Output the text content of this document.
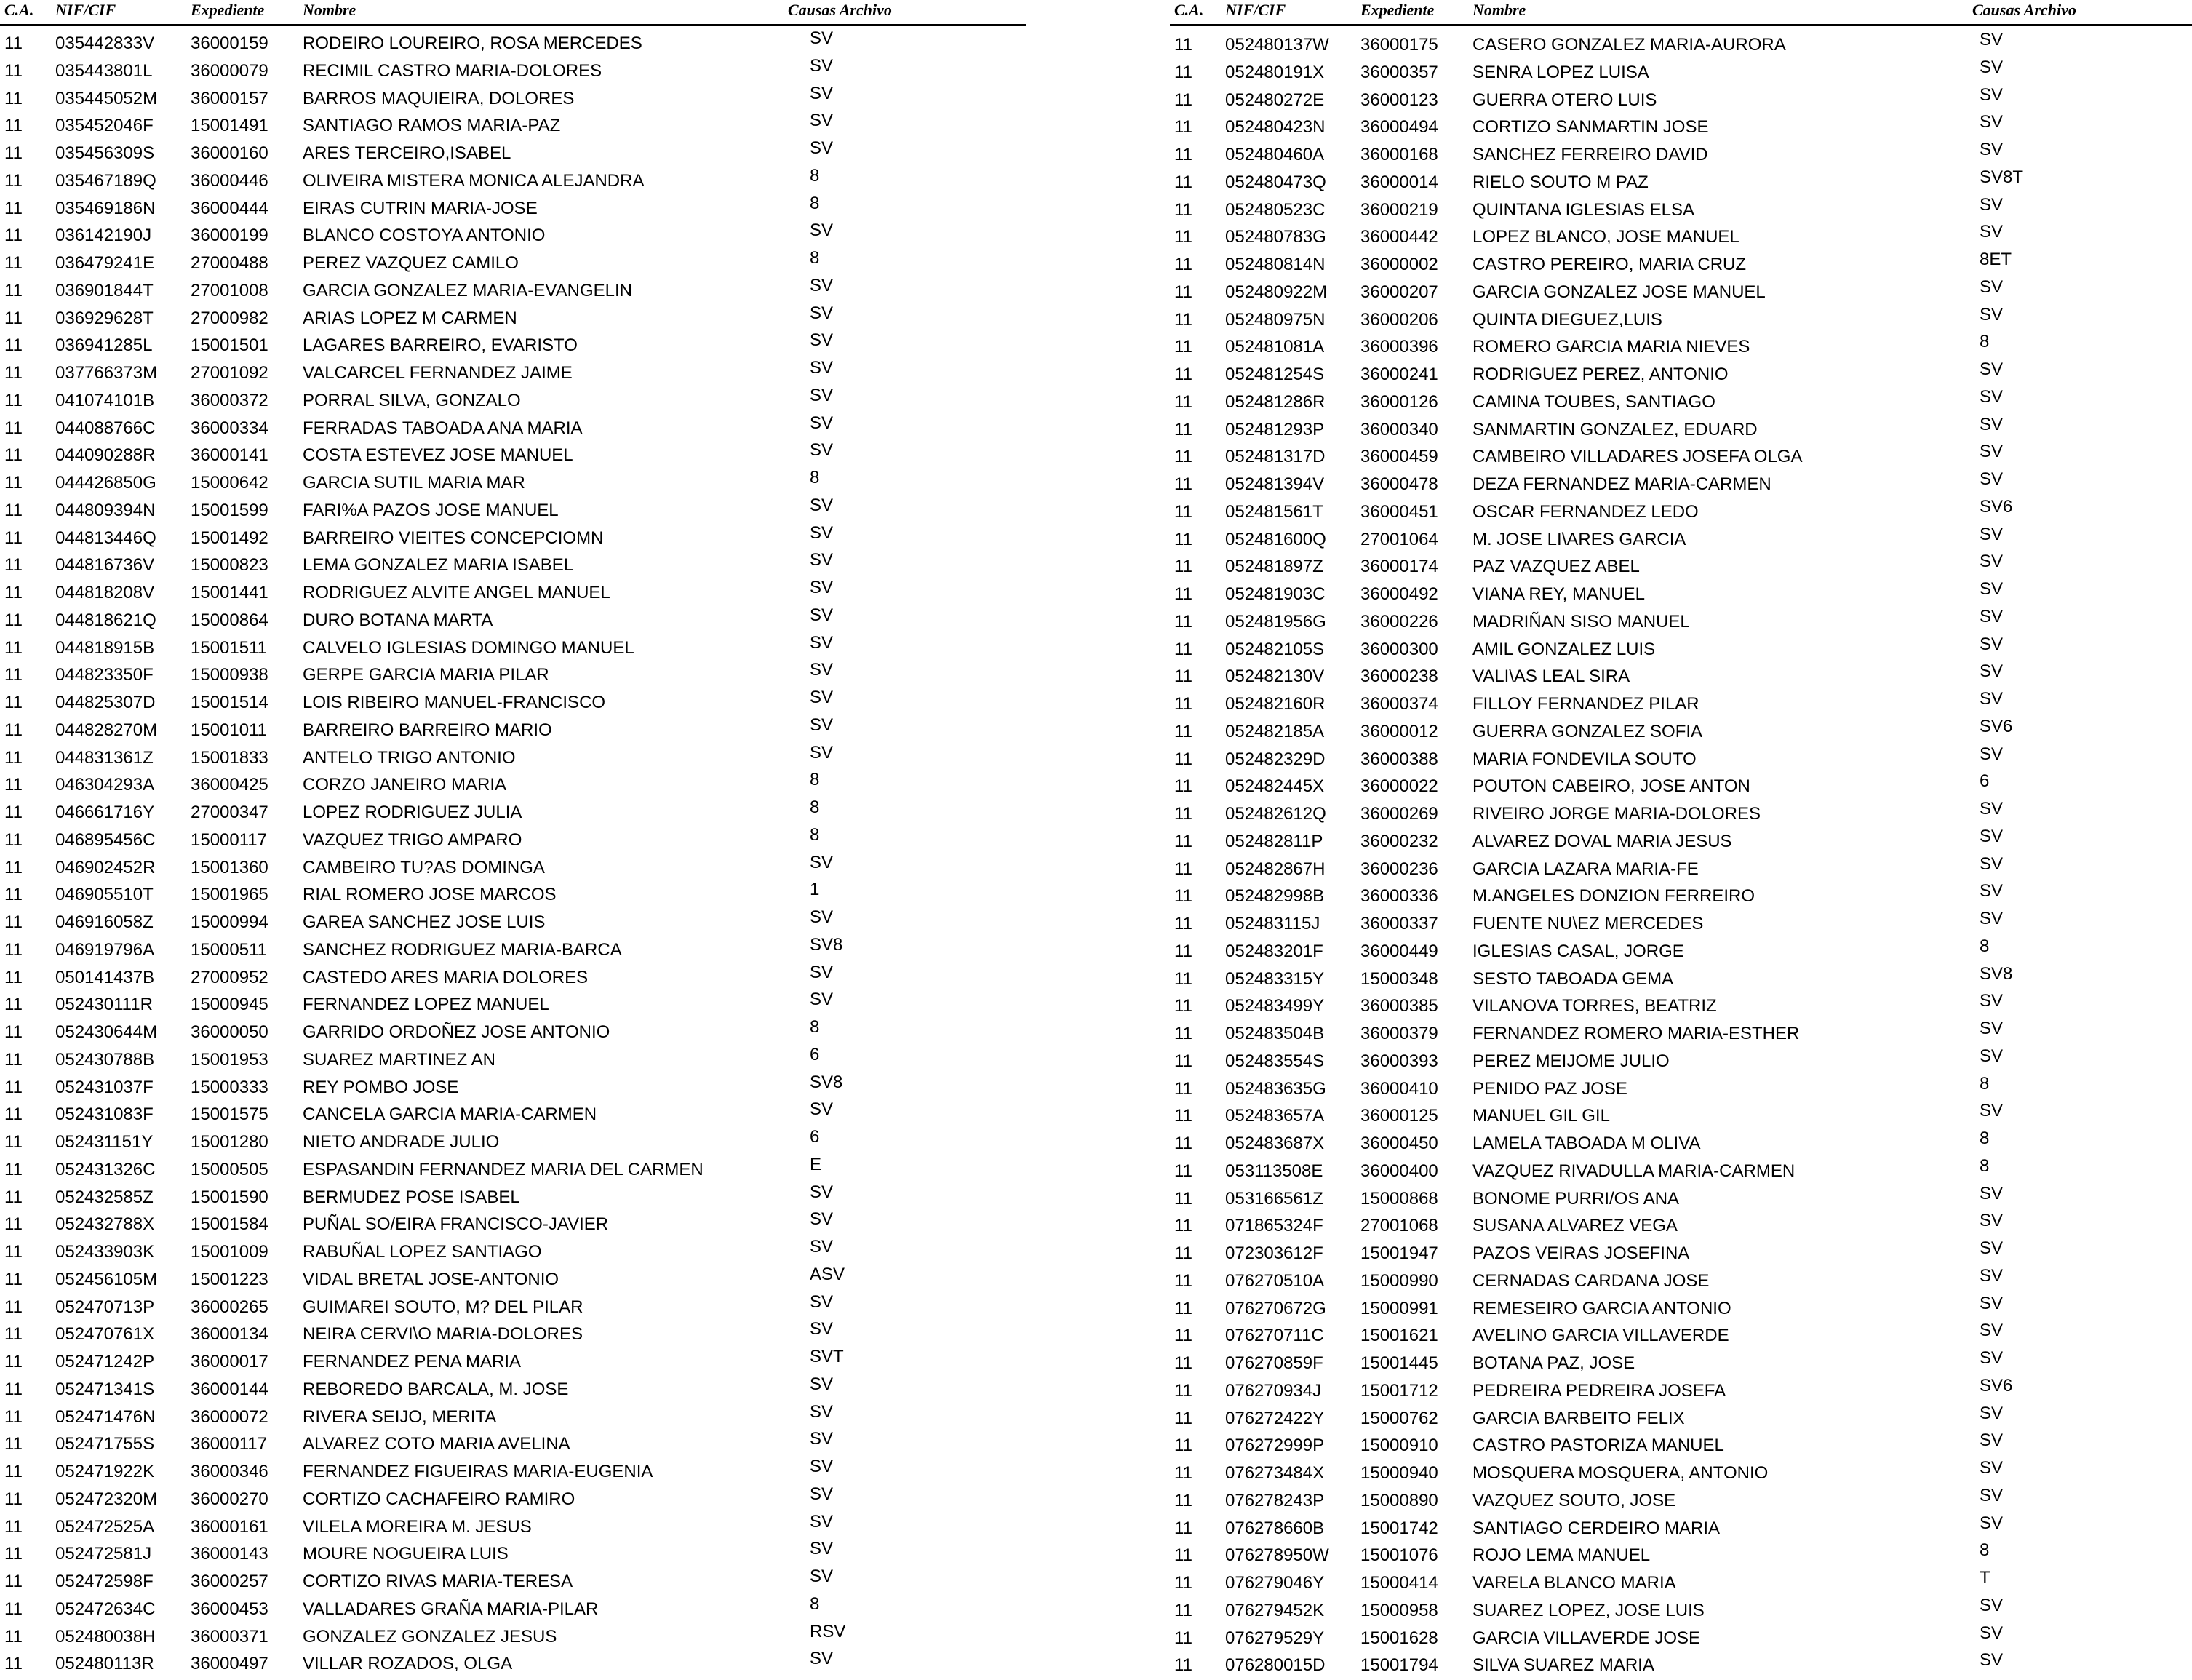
C.A. NIF/CIF	Expediente Nombre	Causas Archivo
11 035442833V 36000159 RODEIRO LOUREIRO, ROSA MERCEDES	SV
11 035443801L 36000079 RECIMIL CASTRO MARIA-DOLORES	SV
11 035445052M 36000157 BARROS MAQUIEIRA, DOLORES	SV
11 035452046F 15001491 SANTIAGO RAMOS MARIA-PAZ	SV
11 035456309S 36000160 ARES TERCEIRO,ISABEL	SV
11 035467189Q 36000446 OLIVEIRA MISTERA MONICA ALEJANDRA	8
11 035469186N 36000444 EIRAS CUTRIN MARIA-JOSE	8
11 036142190J 36000199 BLANCO COSTOYA ANTONIO	SV
11 036479241E 27000488 PEREZ VAZQUEZ CAMILO	8
11 036901844T 27001008 GARCIA GONZALEZ MARIA-EVANGELIN	SV
11 036929628T 27000982 ARIAS LOPEZ M CARMEN	SV
11 036941285L 15001501 LAGARES BARREIRO, EVARISTO	SV
11 037766373M 27001092 VALCARCEL FERNANDEZ JAIME	SV
11 041074101B 36000372 PORRAL SILVA, GONZALO	SV
11 044088766C 36000334 FERRADAS TABOADA ANA MARIA	SV
11 044090288R 36000141 COSTA ESTEVEZ JOSE MANUEL	SV
11 044426850G 15000642 GARCIA SUTIL MARIA MAR	8
11 044809394N 15001599 FARI%A PAZOS JOSE MANUEL	SV
11 044813446Q 15001492 BARREIRO VIEITES CONCEPCIOMN	SV
11 044816736V 15000823 LEMA GONZALEZ MARIA ISABEL	SV
11 044818208V 15001441 RODRIGUEZ ALVITE ANGEL MANUEL	SV
11 044818621Q 15000864 DURO BOTANA MARTA	SV
11 044818915B 15001511 CALVELO IGLESIAS DOMINGO MANUEL	SV
11 044823350F 15000938 GERPE GARCIA MARIA PILAR	SV
11 044825307D 15001514 LOIS RIBEIRO MANUEL-FRANCISCO	SV
11 044828270M 15001011 BARREIRO BARREIRO MARIO	SV
11 044831361Z 15001833 ANTELO TRIGO ANTONIO	SV
11 046304293A 36000425 CORZO JANEIRO MARIA	8
11 046661716Y 27000347 LOPEZ RODRIGUEZ JULIA	8
11 046895456C 15000117 VAZQUEZ TRIGO AMPARO	8
11 046902452R 15001360 CAMBEIRO TU?AS DOMINGA	SV
11 046905510T 15001965 RIAL ROMERO JOSE MARCOS	1
11 046916058Z 15000994 GAREA SANCHEZ JOSE LUIS	SV
11 046919796A 15000511 SANCHEZ RODRIGUEZ MARIA-BARCA	SV8
11 050141437B 27000952 CASTEDO ARES MARIA DOLORES	SV
11 052430111R 15000945 FERNANDEZ LOPEZ MANUEL	SV
11 052430644M 36000050 GARRIDO ORDOÑEZ JOSE ANTONIO	8
11 052430788B 15001953 SUAREZ MARTINEZ AN	6
11 052431037F 15000333 REY POMBO JOSE	SV8
11 052431083F 15001575 CANCELA GARCIA MARIA-CARMEN	SV
11 052431151Y 15001280 NIETO ANDRADE JULIO	6
11 052431326C 15000505 ESPASANDIN FERNANDEZ MARIA DEL CARMEN	E
11 052432585Z 15001590 BERMUDEZ POSE ISABEL	SV
11 052432788X 15001584 PUÑAL SO/EIRA FRANCISCO-JAVIER	SV
11 052433903K 15001009 RABUÑAL LOPEZ SANTIAGO	SV
11 052456105M 15001223 VIDAL BRETAL JOSE-ANTONIO	ASV
11 052470713P 36000265 GUIMAREI SOUTO, M? DEL PILAR	SV
11 052470761X 36000134 NEIRA CERVI\O MARIA-DOLORES	SV
11 052471242P 36000017 FERNANDEZ PENA MARIA	SVT
11 052471341S 36000144 REBOREDO BARCALA, M. JOSE	SV
11 052471476N 36000072 RIVERA SEIJO, MERITA	SV
11 052471755S 36000117 ALVAREZ COTO MARIA AVELINA	SV
11 052471922K 36000346 FERNANDEZ FIGUEIRAS MARIA-EUGENIA	SV
11 052472320M 36000270 CORTIZO CACHAFEIRO RAMIRO	SV
11 052472525A 36000161 VILELA MOREIRA M. JESUS	SV
11 052472581J 36000143 MOURE NOGUEIRA LUIS	SV
11 052472598F 36000257 CORTIZO RIVAS MARIA-TERESA	SV
11 052472634C 36000453 VALLADARES GRAÑA MARIA-PILAR	8
11 052480038H 36000371 GONZALEZ GONZALEZ JESUS	RSV
11 052480113R 36000497 VILLAR ROZADOS, OLGA	SV
C.A. NIF/CIF	Expediente Nombre	Causas Archivo
11 052480137W 36000175 CASERO GONZALEZ MARIA-AURORA	SV
11 052480191X 36000357 SENRA LOPEZ LUISA	SV
11 052480272E 36000123 GUERRA OTERO LUIS	SV
11 052480423N 36000494 CORTIZO SANMARTIN JOSE	SV
11 052480460A 36000168 SANCHEZ FERREIRO DAVID	SV
11 052480473Q 36000014 RIELO SOUTO M PAZ	SV8T
11 052480523C 36000219 QUINTANA IGLESIAS ELSA	SV
11 052480783G 36000442 LOPEZ BLANCO, JOSE MANUEL	SV
11 052480814N 36000002 CASTRO PEREIRO, MARIA CRUZ	8ET
11 052480922M 36000207 GARCIA GONZALEZ JOSE MANUEL	SV
11 052480975N 36000206 QUINTA DIEGUEZ,LUIS	SV
11 052481081A 36000396 ROMERO GARCIA MARIA NIEVES	8
11 052481254S 36000241 RODRIGUEZ PEREZ, ANTONIO	SV
11 052481286R 36000126 CAMINA TOUBES, SANTIAGO	SV
11 052481293P 36000340 SANMARTIN GONZALEZ, EDUARD	SV
11 052481317D 36000459 CAMBEIRO VILLADARES JOSEFA OLGA	SV
11 052481394V 36000478 DEZA FERNANDEZ MARIA-CARMEN	SV
11 052481561T 36000451 OSCAR FERNANDEZ LEDO	SV6
11 052481600Q 27001064 M. JOSE LI\ARES GARCIA	SV
11 052481897Z 36000174 PAZ VAZQUEZ ABEL	SV
11 052481903C 36000492 VIANA REY, MANUEL	SV
11 052481956G 36000226 MADRIÑAN SISO MANUEL	SV
11 052482105S 36000300 AMIL GONZALEZ LUIS	SV
11 052482130V 36000238 VALI\AS LEAL SIRA	SV
11 052482160R 36000374 FILLOY FERNANDEZ PILAR	SV
11 052482185A 36000012 GUERRA GONZALEZ SOFIA	SV6
11 052482329D 36000388 MARIA FONDEVILA SOUTO	SV
11 052482445X 36000022 POUTON CABEIRO, JOSE ANTON	6
11 052482612Q 36000269 RIVEIRO JORGE MARIA-DOLORES	SV
11 052482811P 36000232 ALVAREZ DOVAL MARIA JESUS	SV
11 052482867H 36000236 GARCIA LAZARA MARIA-FE	SV
11 052482998B 36000336 M.ANGELES DONZION FERREIRO	SV
11 052483115J 36000337 FUENTE NU\EZ MERCEDES	SV
11 052483201F 36000449 IGLESIAS CASAL, JORGE	8
11 052483315Y 15000348 SESTO TABOADA GEMA	SV8
11 052483499Y 36000385 VILANOVA TORRES, BEATRIZ	SV
11 052483504B 36000379 FERNANDEZ ROMERO MARIA-ESTHER	SV
11 052483554S 36000393 PEREZ MEIJOME JULIO	SV
11 052483635G 36000410 PENIDO PAZ JOSE	8
11 052483657A 36000125 MANUEL GIL GIL	SV
11 052483687X 36000450 LAMELA TABOADA M OLIVA	8
11 053113508E 36000400 VAZQUEZ RIVADULLA MARIA-CARMEN	8
11 053166561Z 15000868 BONOME PURRI/OS ANA	SV
11 071865324F 27001068 SUSANA ALVAREZ VEGA	SV
11 072303612F 15001947 PAZOS VEIRAS JOSEFINA	SV
11 076270510A 15000990 CERNADAS CARDANA JOSE	SV
11 076270672G 15000991 REMESEIRO GARCIA ANTONIO	SV
11 076270711C 15001621 AVELINO GARCIA VILLAVERDE	SV
11 076270859F 15001445 BOTANA PAZ, JOSE	SV
11 076270934J 15001712 PEDREIRA PEDREIRA JOSEFA	SV6
11 076272422Y 15000762 GARCIA BARBEITO FELIX	SV
11 076272999P 15000910 CASTRO PASTORIZA MANUEL	SV
11 076273484X 15000940 MOSQUERA MOSQUERA, ANTONIO	SV
11 076278243P 15000890 VAZQUEZ SOUTO, JOSE	SV
11 076278660B 15001742 SANTIAGO CERDEIRO MARIA	SV
11 076278950W 15001076 ROJO LEMA MANUEL	8
11 076279046Y 15000414 VARELA BLANCO MARIA	T
11 076279452K 15000958 SUAREZ LOPEZ, JOSE LUIS	SV
11 076279529Y 15001628 GARCIA VILLAVERDE JOSE	SV
11 076280015D 15001794 SILVA SUAREZ MARIA	SV
